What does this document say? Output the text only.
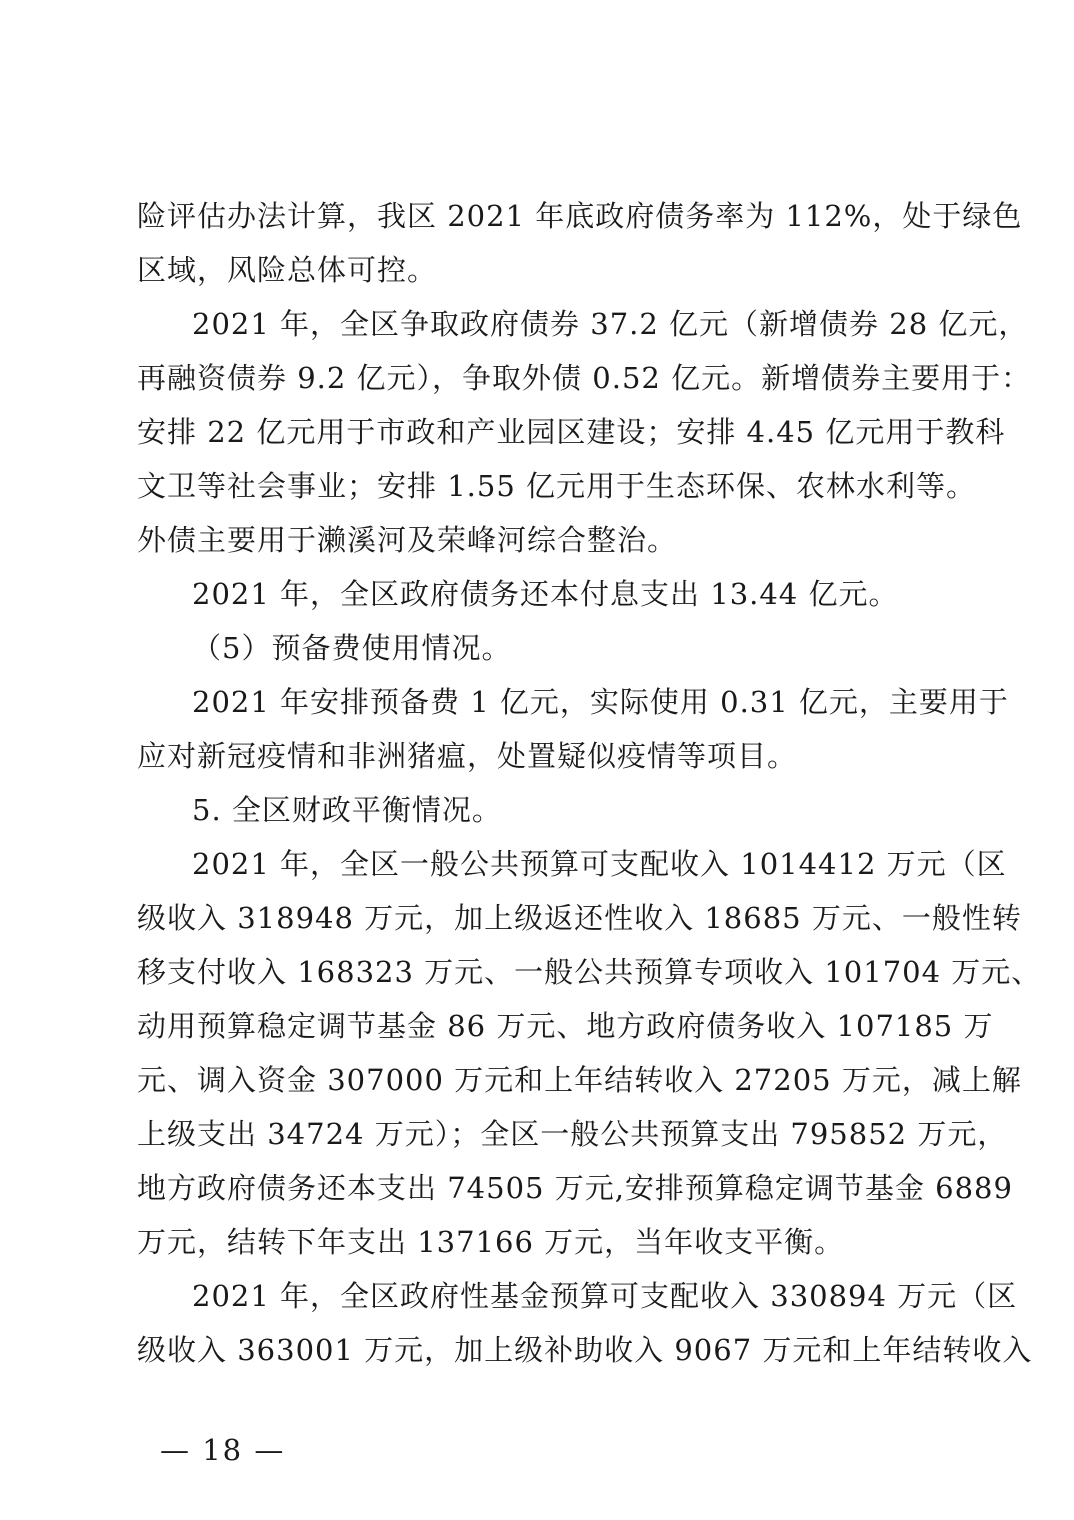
险评估办法计算，我区 2021 年底政府债务率为 112%，处于绿色
区域，风险总体可控。
2021 年，全区争取政府债券 37.2 亿元（新增债券 28 亿元，
再融资债券 9.2 亿元），争取外债 0.52 亿元。新增债券主要用于：
安排 22 亿元用于市政和产业园区建设；安排 4.45 亿元用于教科
文卫等社会事业；安排 1.55 亿元用于生态环保、农林水利等。
外债主要用于濑溪河及荣峰河综合整治。
2021 年，全区政府债务还本付息支出 13.44 亿元。
（5）预备费使用情况。
2021 年安排预备费 1 亿元，实际使用 0.31 亿元，主要用于
应对新冠疫情和非洲猪瘟，处置疑似疫情等项目。
5. 全区财政平衡情况。
2021 年，全区一般公共预算可支配收入 1014412 万元（区
级收入 318948 万元，加上级返还性收入 18685 万元、一般性转
移支付收入 168323 万元、一般公共预算专项收入 101704 万元、
动用预算稳定调节基金 86 万元、地方政府债务收入 107185 万
元、调入资金 307000 万元和上年结转收入 27205 万元，减上解
上级支出 34724 万元）；全区一般公共预算支出 795852 万元，
地方政府债务还本支出 74505 万元,安排预算稳定调节基金 6889
万元，结转下年支出 137166 万元，当年收支平衡。
2021 年，全区政府性基金预算可支配收入 330894 万元（区
级收入 363001 万元，加上级补助收入 9067 万元和上年结转收入
— 18 —
